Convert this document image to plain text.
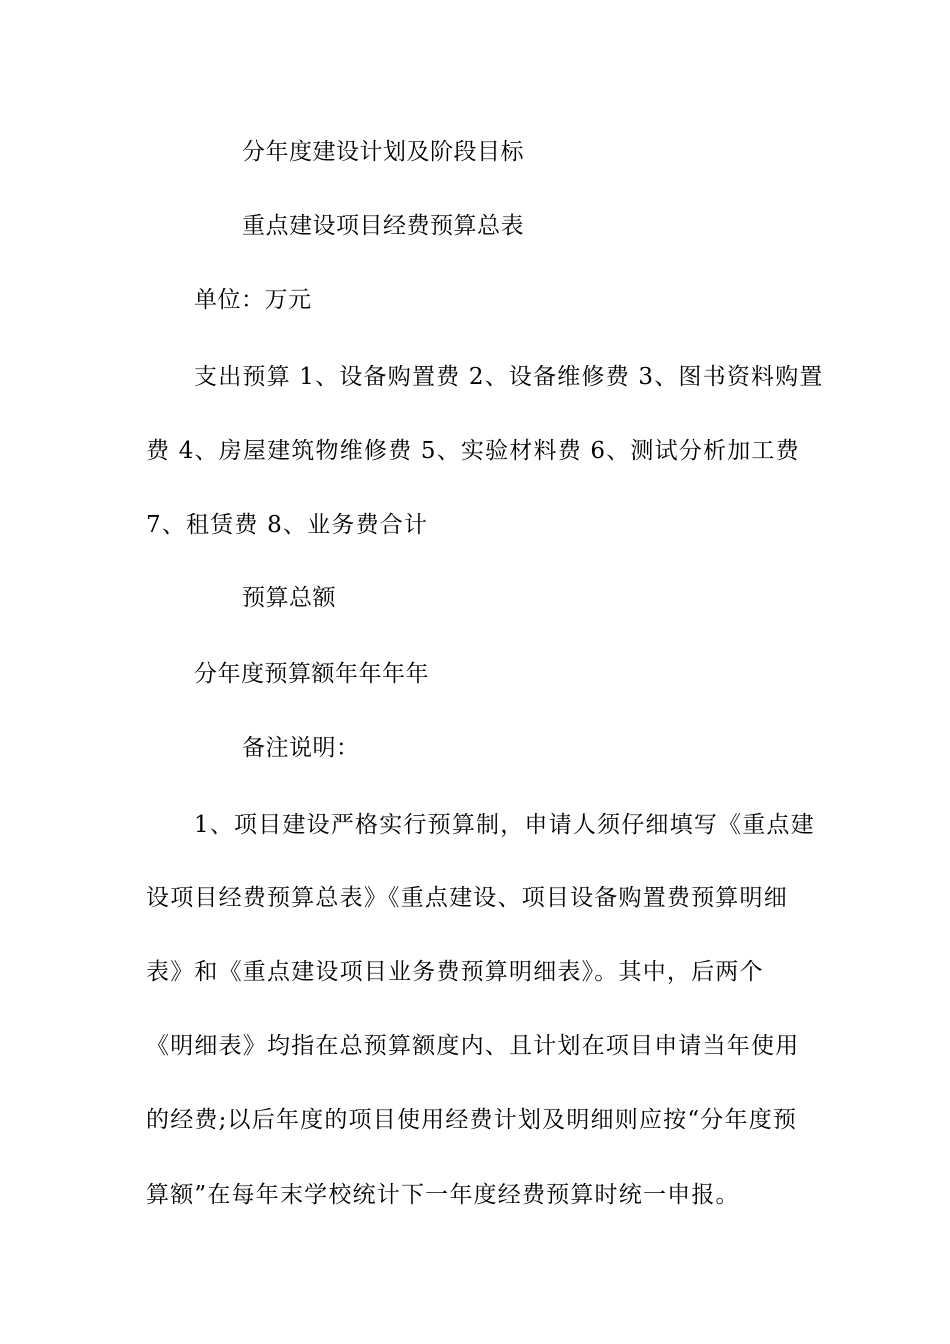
分年度建设计划及阶段目标
重点建设项目经费预算总表
单位：万元
支出预算 1、设备购置费 2、设备维修费 3、图书资料购置
费 4、房屋建筑物维修费 5、实验材料费 6、测试分析加工费
7、租赁费 8、业务费合计
预算总额
分年度预算额年年年年
备注说明：
1、项目建设严格实行预算制，申请人须仔细填写《重点建
设项目经费预算总表》《重点建设、项目设备购置费预算明细
表》和《重点建设项目业务费预算明细表》。其中，后两个
《明细表》均指在总预算额度内、且计划在项目申请当年使用
的经费;以后年度的项目使用经费计划及明细则应按“分年度预
算额”在每年末学校统计下一年度经费预算时统一申报。
